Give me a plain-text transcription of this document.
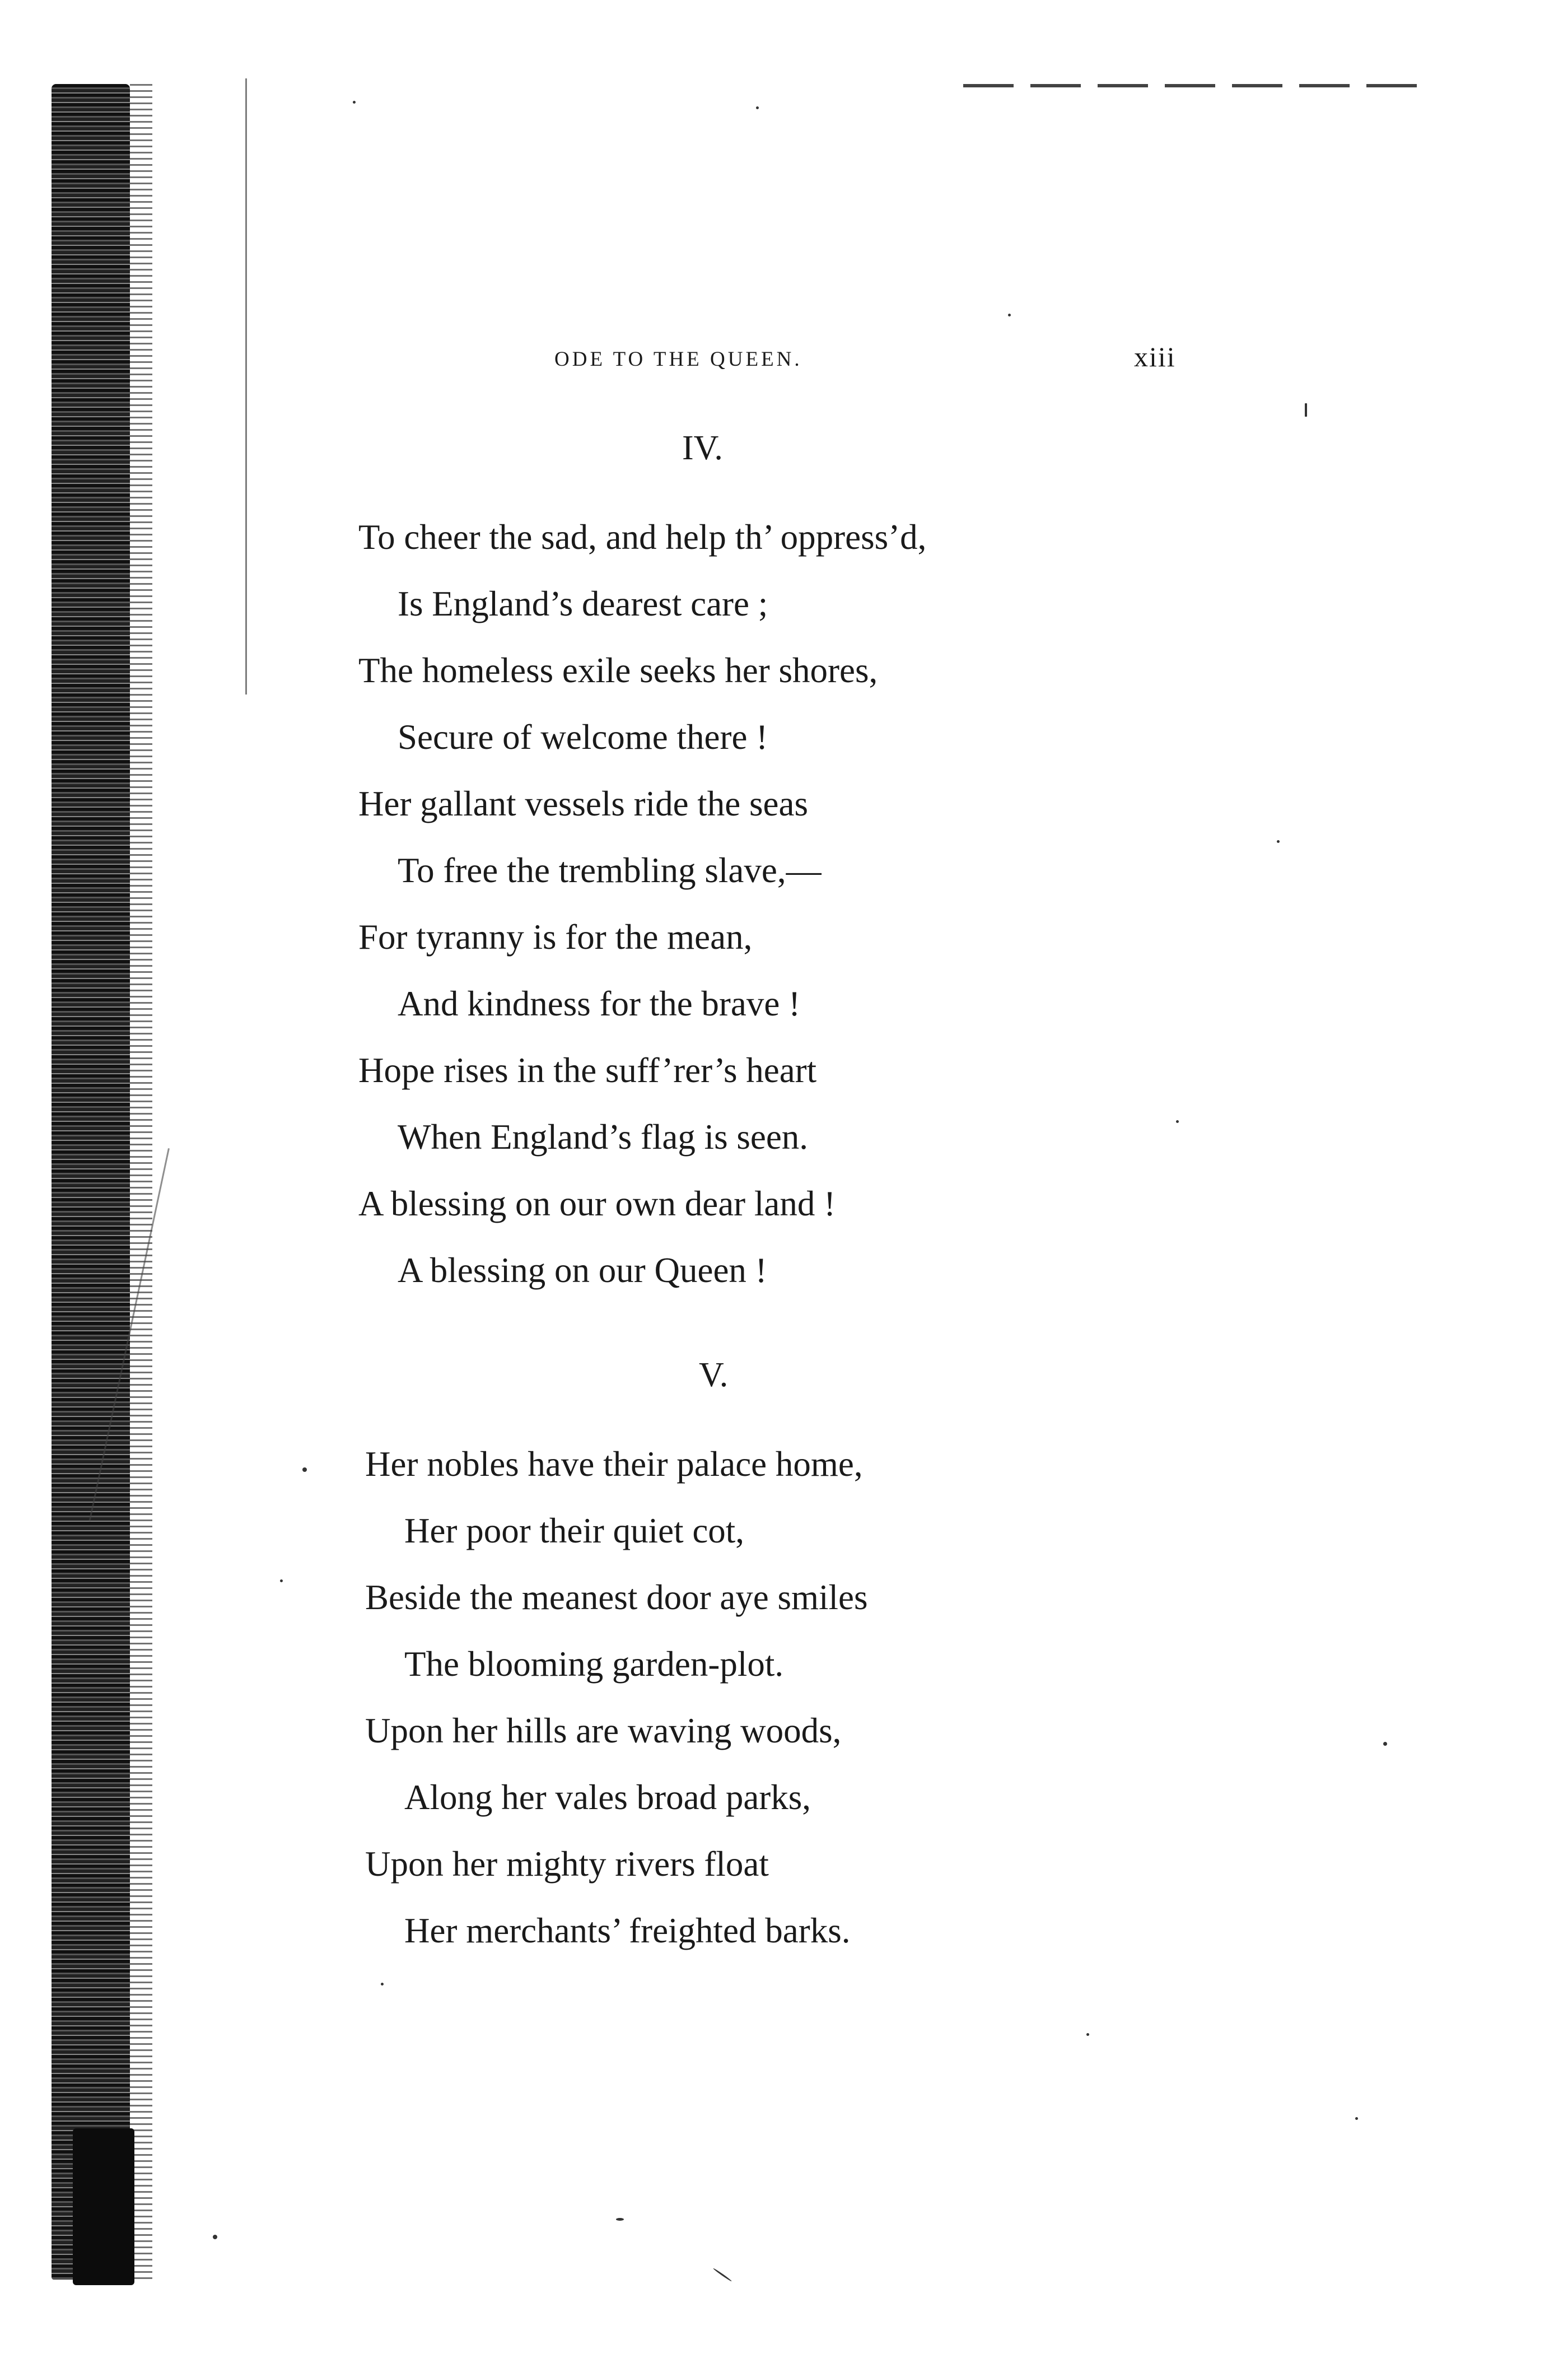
ODE TO THE QUEEN.	xiii
IV.
To cheer the sad, and help th’ oppress’d,
Is England’s dearest care ;
The homeless exile seeks her shores,
Secure of welcome there !
Her gallant vessels ride the seas
To free the trembling slave,—
For tyranny is for the mean,
And kindness for the brave !
Hope rises in the suff’rer’s heart
When England’s flag is seen.
A blessing on our own dear land !
A blessing on our Queen !
V.
Her nobles have their palace home,
Her poor their quiet cot,
Beside the meanest door aye smiles
The blooming garden-plot.
Upon her hills are waving woods,
Along her vales broad parks,
Upon her mighty rivers float
Her merchants’ freighted barks.
